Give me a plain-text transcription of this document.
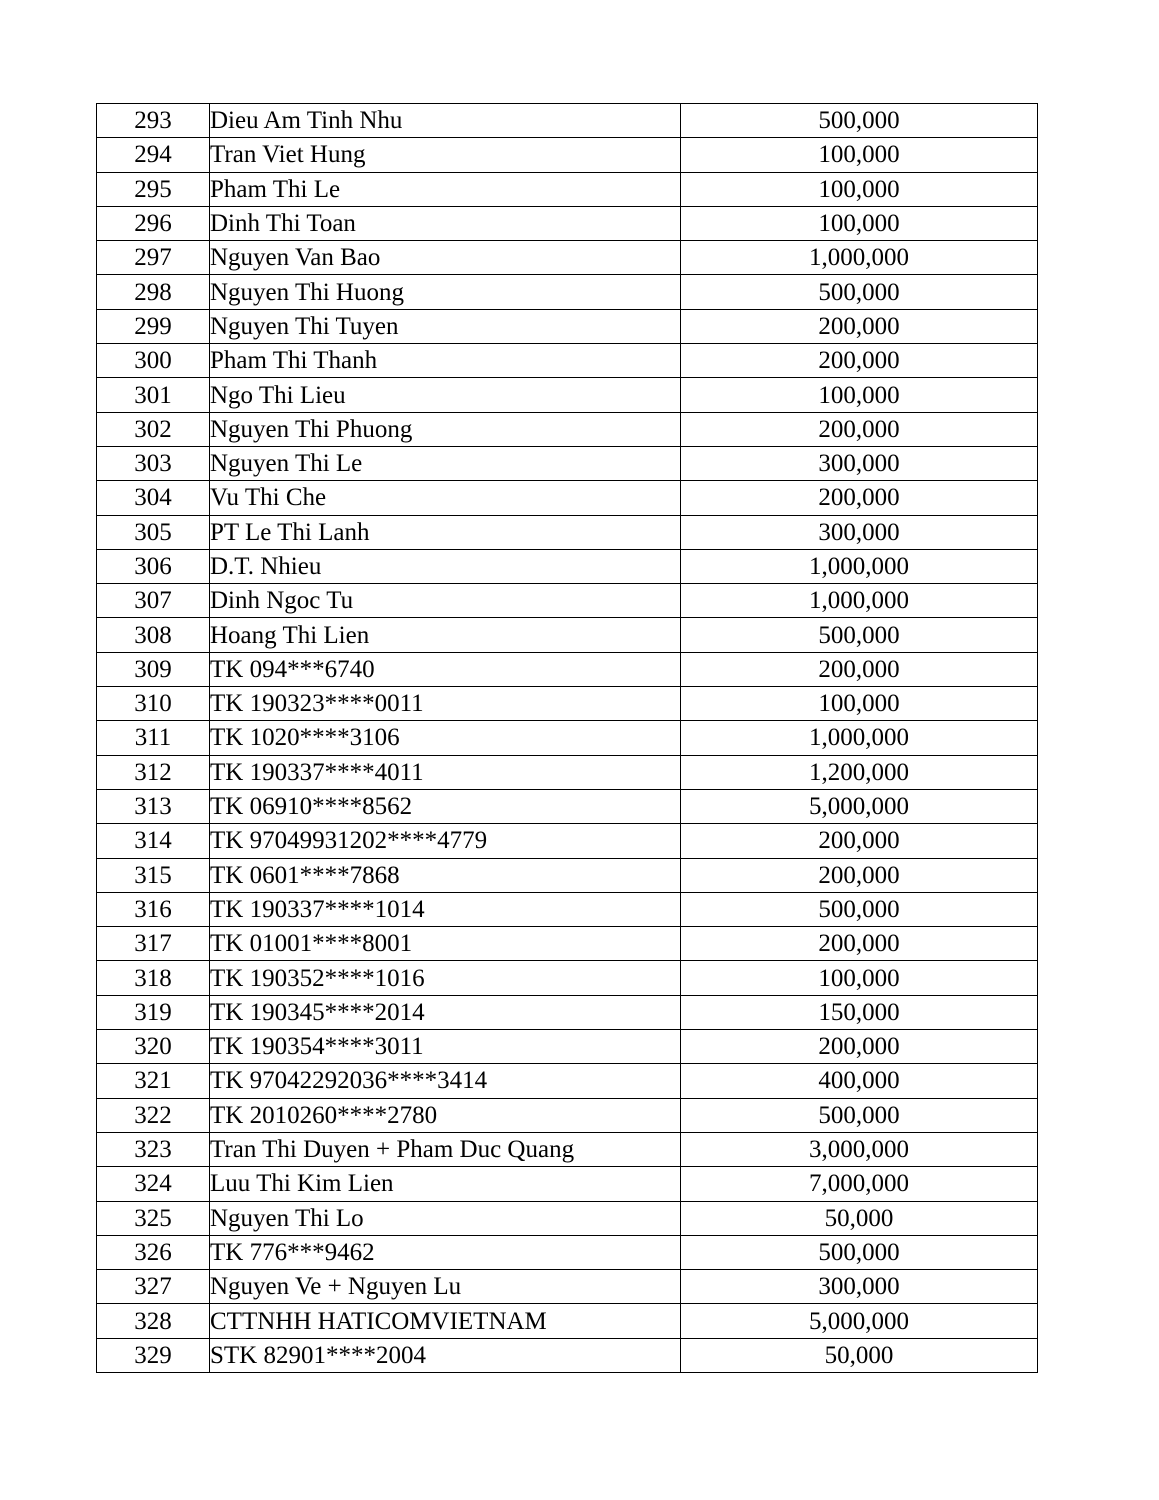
293	Dieu Am Tinh Nhu	500,000
294	Tran Viet Hung	100,000
295	Pham Thi Le	100,000
296	Dinh Thi Toan	100,000
297	Nguyen Van Bao	1,000,000
298	Nguyen Thi Huong	500,000
299	Nguyen Thi Tuyen	200,000
300	Pham Thi Thanh	200,000
301	Ngo Thi Lieu	100,000
302	Nguyen Thi Phuong	200,000
303	Nguyen Thi Le	300,000
304	Vu Thi Che	200,000
305	PT Le Thi Lanh	300,000
306	D.T. Nhieu	1,000,000
307	Dinh Ngoc Tu	1,000,000
308	Hoang Thi Lien	500,000
309	TK 094***6740	200,000
310	TK 190323****0011	100,000
311	TK 1020****3106	1,000,000
312	TK 190337****4011	1,200,000
313	TK 06910****8562	5,000,000
314	TK 97049931202****4779	200,000
315	TK 0601****7868	200,000
316	TK 190337****1014	500,000
317	TK 01001****8001	200,000
318	TK 190352****1016	100,000
319	TK 190345****2014	150,000
320	TK 190354****3011	200,000
321	TK 97042292036****3414	400,000
322	TK 2010260****2780	500,000
323	Tran Thi Duyen + Pham Duc Quang	3,000,000
324	Luu Thi Kim Lien	7,000,000
325	Nguyen Thi Lo	50,000
326	TK 776***9462	500,000
327	Nguyen Ve + Nguyen Lu	300,000
328	CTTNHH HATICOMVIETNAM	5,000,000
329	STK 82901****2004	50,000
